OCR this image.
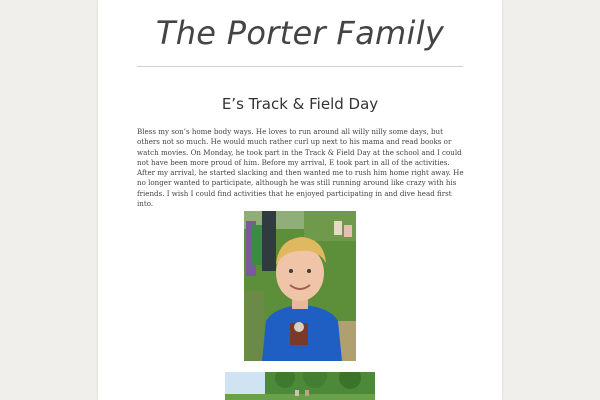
The Porter Family
E’s Track & Field Day

Bless my son’s home body ways. He loves to run around all willy nilly some days, but others not so much. He would much rather curl up next to his mama and read books or watch movies. On Monday, he took part in the Track & Field Day at the school and I could not have been more proud of him. Before my arrival, E took part in all of the activities. After my arrival, he started slacking and then wanted me to rush him home right away. He no longer wanted to participate, although he was still running around like crazy with his friends. I wish I could find activities that he enjoyed participating in and dive head first into.
